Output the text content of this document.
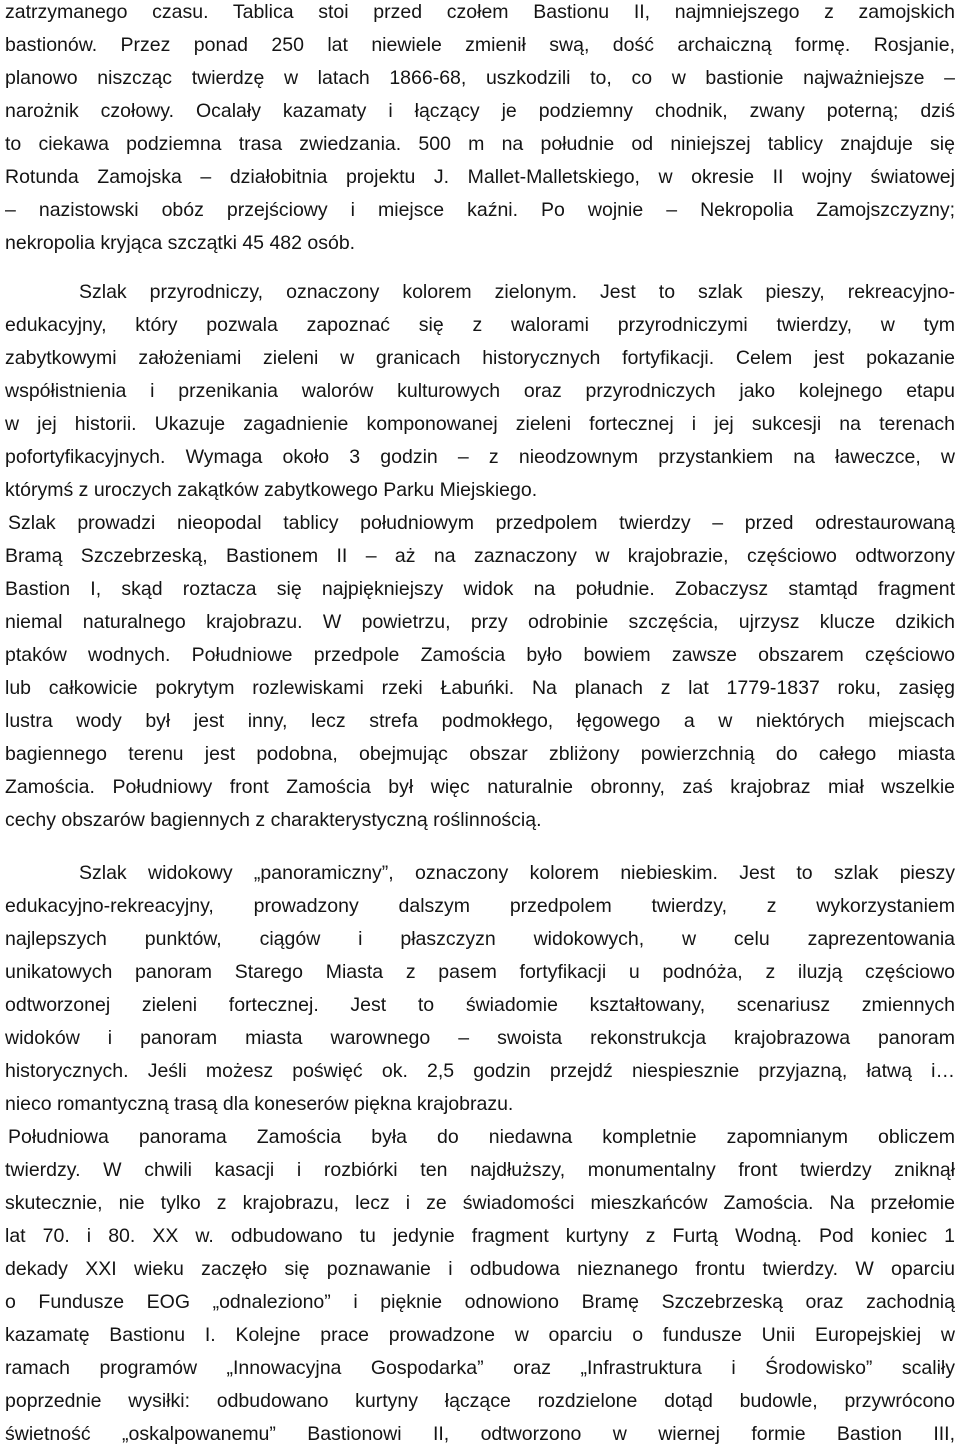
zatrzymanego czasu. Tablica stoi przed czołem Bastionu II, najmniejszego z zamojskich
bastionów. Przez ponad 250 lat niewiele zmienił swą, dość archaiczną formę. Rosjanie,
planowo niszcząc twierdzę w latach 1866-68, uszkodzili to, co w bastionie najważniejsze –
narożnik czołowy. Ocalały kazamaty i łączący je podziemny chodnik, zwany poterną; dziś
to ciekawa podziemna trasa zwiedzania. 500 m na południe od niniejszej tablicy znajduje się
Rotunda Zamojska – działobitnia projektu J. Mallet-Malletskiego, w okresie II wojny światowej
– nazistowski obóz przejściowy i miejsce kaźni. Po wojnie – Nekropolia Zamojszczyzny;
nekropolia kryjąca szczątki 45 482 osób.
Szlak przyrodniczy, oznaczony kolorem zielonym. Jest to szlak pieszy, rekreacyjno-
edukacyjny, który pozwala zapoznać się z walorami przyrodniczymi twierdzy, w tym
zabytkowymi założeniami zieleni w granicach historycznych fortyfikacji. Celem jest pokazanie
współistnienia i przenikania walorów kulturowych oraz przyrodniczych jako kolejnego etapu
w jej historii. Ukazuje zagadnienie komponowanej zieleni fortecznej i jej sukcesji na terenach
pofortyfikacyjnych. Wymaga około 3 godzin – z nieodzownym przystankiem na ławeczce, w
którymś z uroczych zakątków zabytkowego Parku Miejskiego.
Szlak prowadzi nieopodal tablicy południowym przedpolem twierdzy – przed odrestaurowaną
Bramą Szczebrzeską, Bastionem II – aż na zaznaczony w krajobrazie, częściowo odtworzony
Bastion I, skąd roztacza się najpiękniejszy widok na południe. Zobaczysz stamtąd fragment
niemal naturalnego krajobrazu. W powietrzu, przy odrobinie szczęścia, ujrzysz klucze dzikich
ptaków wodnych. Południowe przedpole Zamościa było bowiem zawsze obszarem częściowo
lub całkowicie pokrytym rozlewiskami rzeki Łabuńki. Na planach z lat 1779-1837 roku, zasięg
lustra wody był jest inny, lecz strefa podmokłego, łęgowego a w niektórych miejscach
bagiennego terenu jest podobna, obejmując obszar zbliżony powierzchnią do całego miasta
Zamościa. Południowy front Zamościa był więc naturalnie obronny, zaś krajobraz miał wszelkie
cechy obszarów bagiennych z charakterystyczną roślinnością.
Szlak widokowy „panoramiczny”, oznaczony kolorem niebieskim. Jest to szlak pieszy
edukacyjno-rekreacyjny, prowadzony dalszym przedpolem twierdzy, z wykorzystaniem
najlepszych punktów, ciągów i płaszczyzn widokowych, w celu zaprezentowania
unikatowych panoram Starego Miasta z pasem fortyfikacji u podnóża, z iluzją częściowo
odtworzonej zieleni fortecznej. Jest to świadomie kształtowany, scenariusz zmiennych
widoków i panoram miasta warownego – swoista rekonstrukcja krajobrazowa panoram
historycznych. Jeśli możesz poświęć ok. 2,5 godzin przejdź niespiesznie przyjazną, łatwą i…
nieco romantyczną trasą dla koneserów piękna krajobrazu.
Południowa panorama Zamościa była do niedawna kompletnie zapomnianym obliczem
twierdzy. W chwili kasacji i rozbiórki ten najdłuższy, monumentalny front twierdzy zniknął
skutecznie, nie tylko z krajobrazu, lecz i ze świadomości mieszkańców Zamościa. Na przełomie
lat 70. i 80. XX w. odbudowano tu jedynie fragment kurtyny z Furtą Wodną. Pod koniec 1
dekady XXI wieku zaczęło się poznawanie i odbudowa nieznanego frontu twierdzy. W oparciu
o Fundusze EOG „odnaleziono” i pięknie odnowiono Bramę Szczebrzeską oraz zachodnią
kazamatę Bastionu I. Kolejne prace prowadzone w oparciu o fundusze Unii Europejskiej w
ramach programów „Innowacyjna Gospodarka” oraz „Infrastruktura i Środowisko” scaliły
poprzednie wysiłki: odbudowano kurtyny łączące rozdzielone dotąd budowle, przywrócono
świetność „oskalpowanemu” Bastionowi II, odtworzono w wiernej formie Bastion III,
